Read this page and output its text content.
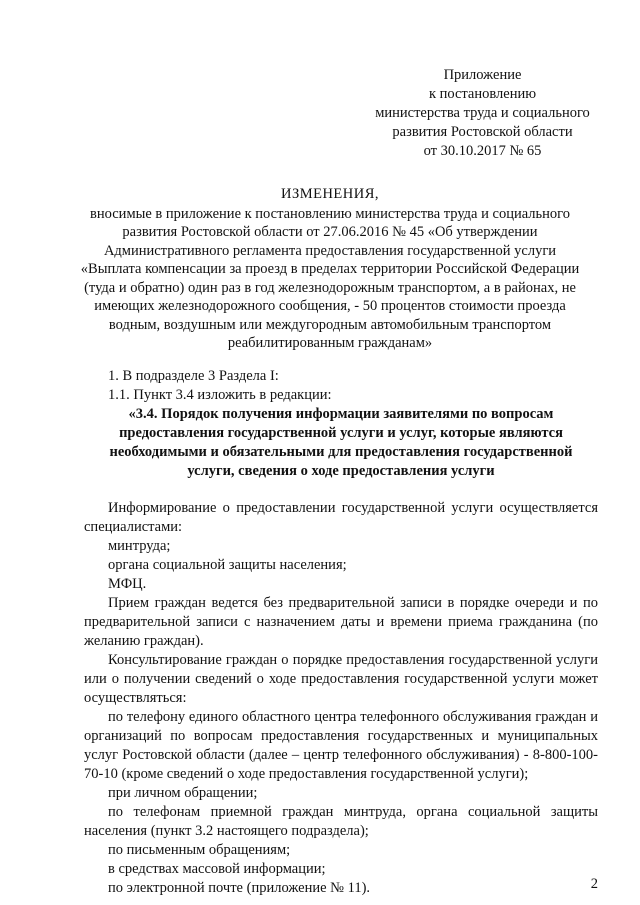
Приложение
к постановлению
министерства труда и социального
развития Ростовской области
от 30.10.2017 № 65
ИЗМЕНЕНИЯ,
вносимые в приложение к постановлению министерства труда и социального
развития Ростовской области от 27.06.2016 № 45 «Об утверждении
Административного регламента предоставления государственной услуги
«Выплата компенсации за проезд в пределах территории Российской Федерации
(туда и обратно) один раз в год железнодорожным транспортом, а в районах, не
имеющих железнодорожного сообщения, - 50 процентов стоимости проезда
водным, воздушным или междугородным автомобильным транспортом
реабилитированным гражданам»

1. В подразделе 3 Раздела I:

1.1. Пункт 3.4 изложить в редакции:

«3.4. Порядок получения информации заявителями по вопросам
предоставления государственной услуги и услуг, которые являются
необходимыми и обязательными для предоставления государственной
услуги, сведения о ходе предоставления услуги

Информирование о предоставлении государственной услуги осуществляется специалистами:

минтруда;

органа социальной защиты населения;

МФЦ.

Прием граждан ведется без предварительной записи в порядке очереди и по предварительной записи с назначением даты и времени приема гражданина (по желанию граждан).

Консультирование граждан о порядке предоставления государственной услуги или о получении сведений о ходе предоставления государственной услуги может осуществляться:

по телефону единого областного центра телефонного обслуживания граждан и организаций по вопросам предоставления государственных и муниципальных услуг Ростовской области (далее – центр телефонного обслуживания) - 8-800-100-70-10 (кроме сведений о ходе предоставления государственной услуги);

при личном обращении;

по телефонам приемной граждан минтруда, органа социальной защиты населения (пункт 3.2 настоящего подраздела);

по письменным обращениям;

в средствах массовой информации;

по электронной почте (приложение № 11).	2
